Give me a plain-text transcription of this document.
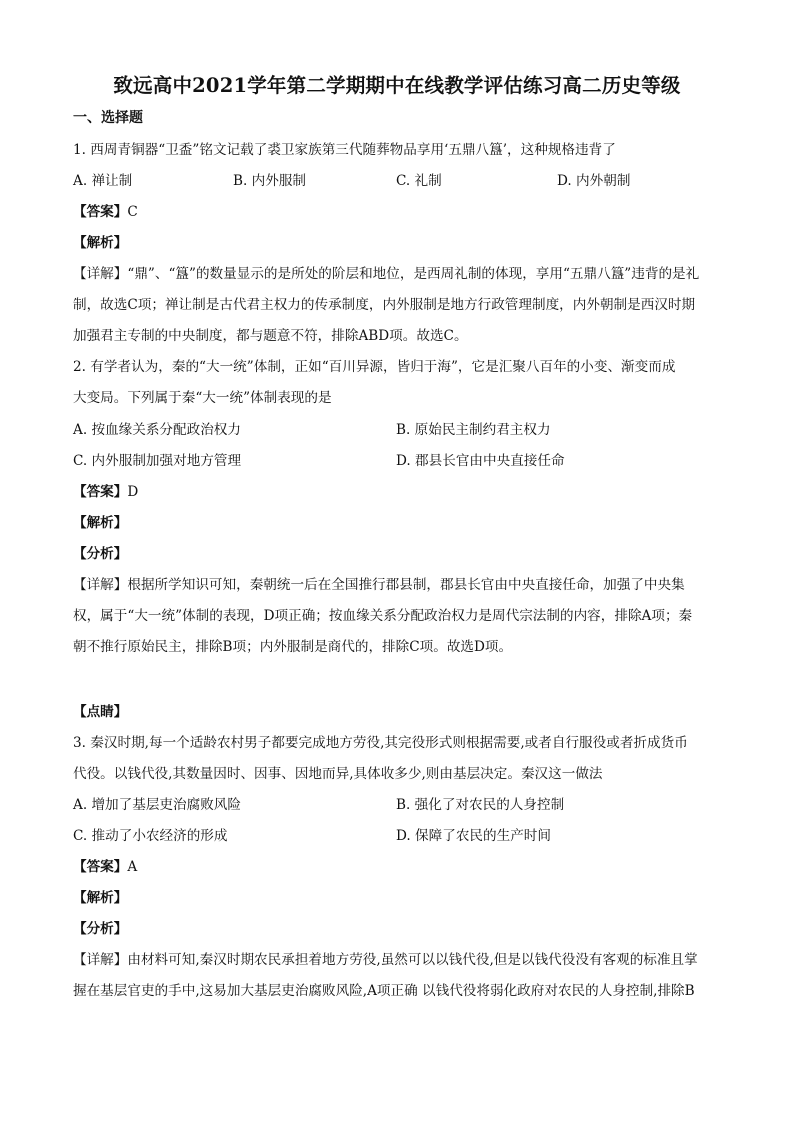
致远高中2021学年第二学期期中在线教学评估练习高二历史等级
一、选择题
1. 西周青铜器“卫盉”铭文记载了裘卫家族第三代随葬物品享用‘五鼎八簋’，这种规格违背了
A. 禅让制	B. 内外服制	C. 礼制	D. 内外朝制
【答案】C
【解析】
【详解】“鼎”、“簋”的数量显示的是所处的阶层和地位，是西周礼制的体现，享用“五鼎八簋”违背的是礼
制，故选C项；禅让制是古代君主权力的传承制度，内外服制是地方行政管理制度，内外朝制是西汉时期
加强君主专制的中央制度，都与题意不符，排除ABD项。故选C。
2. 有学者认为，秦的“大一统”体制，正如“百川异源，皆归于海”，它是汇聚八百年的小变、渐变而成
大变局。下列属于秦“大一统”体制表现的是
A. 按血缘关系分配政治权力	B. 原始民主制约君主权力
C. 内外服制加强对地方管理	D. 郡县长官由中央直接任命
【答案】D
【解析】
【分析】
【详解】根据所学知识可知，秦朝统一后在全国推行郡县制，郡县长官由中央直接任命，加强了中央集
权，属于“大一统”体制的表现，D项正确；按血缘关系分配政治权力是周代宗法制的内容，排除A项；秦
朝不推行原始民主，排除B项；内外服制是商代的，排除C项。故选D项。
【点睛】
3. 秦汉时期,每一个适龄农村男子都要完成地方劳役,其完役形式则根据需要,或者自行服役或者折成货币
代役。以钱代役,其数量因时、因事、因地而异,具体收多少,则由基层决定。秦汉这一做法
A. 增加了基层吏治腐败风险	B. 强化了对农民的人身控制
C. 推动了小农经济的形成	D. 保障了农民的生产时间
【答案】A
【解析】
【分析】
【详解】由材料可知,秦汉时期农民承担着地方劳役,虽然可以以钱代役,但是以钱代役没有客观的标准且掌
握在基层官吏的手中,这易加大基层吏治腐败风险,A项正确 以钱代役将弱化政府对农民的人身控制,排除B
